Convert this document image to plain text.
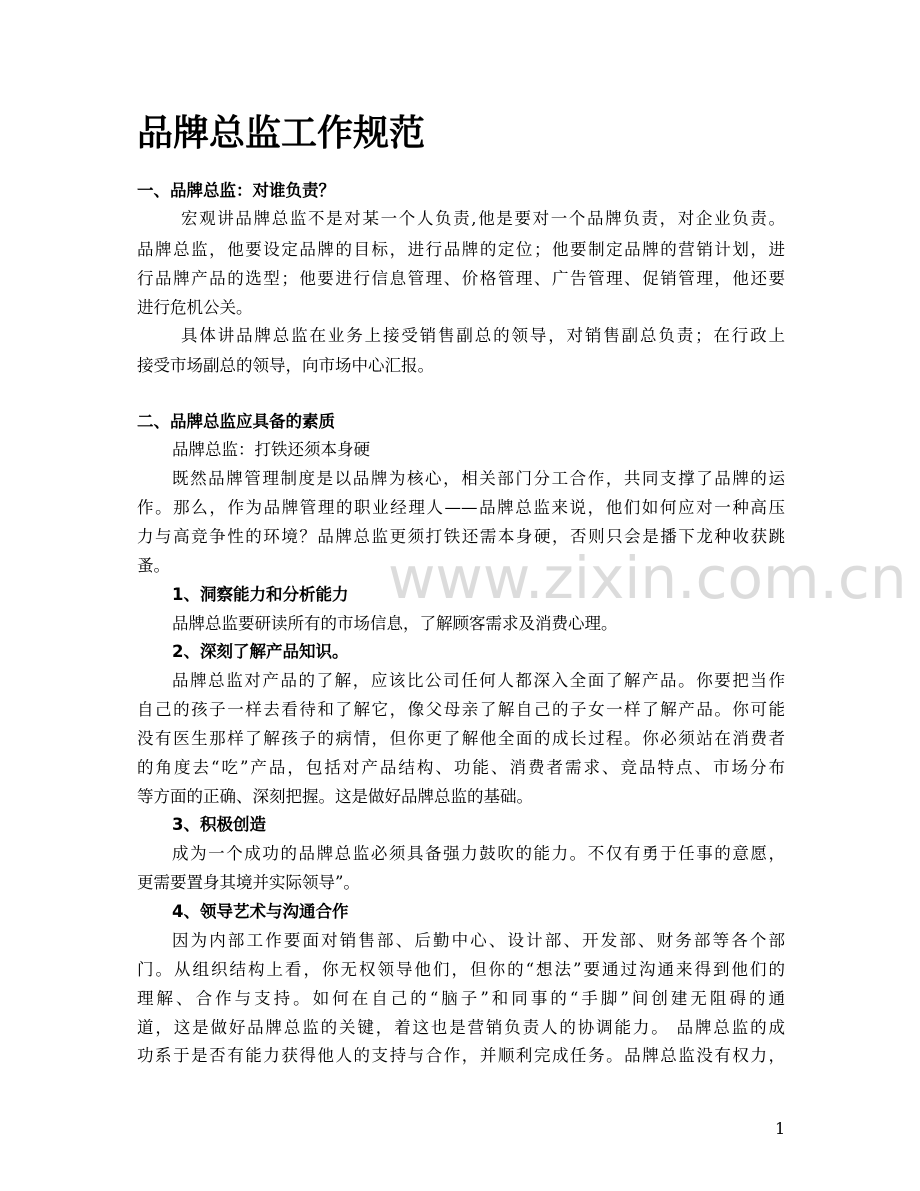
www.zixin.com.cn
品牌总监工作规范

一、品牌总监：对谁负责？

宏观讲品牌总监不是对某一个人负责,他是要对一个品牌负责，对企业负责。

品牌总监，他要设定品牌的目标，进行品牌的定位；他要制定品牌的营销计划，进

行品牌产品的选型；他要进行信息管理、价格管理、广告管理、促销管理，他还要

进行危机公关。

具体讲品牌总监在业务上接受销售副总的领导，对销售副总负责；在行政上

接受市场副总的领导，向市场中心汇报。

二、品牌总监应具备的素质

品牌总监：打铁还须本身硬

既然品牌管理制度是以品牌为核心，相关部门分工合作，共同支撑了品牌的运

作。那么，作为品牌管理的职业经理人——品牌总监来说，他们如何应对一种高压

力与高竞争性的环境？品牌总监更须打铁还需本身硬，否则只会是播下龙种收获跳

蚤。

1、洞察能力和分析能力

品牌总监要研读所有的市场信息，了解顾客需求及消费心理。

2、深刻了解产品知识。

品牌总监对产品的了解，应该比公司任何人都深入全面了解产品。你要把当作

自己的孩子一样去看待和了解它，像父母亲了解自己的子女一样了解产品。你可能

没有医生那样了解孩子的病情，但你更了解他全面的成长过程。你必须站在消费者

的角度去“吃”产品，包括对产品结构、功能、消费者需求、竞品特点、市场分布

等方面的正确、深刻把握。这是做好品牌总监的基础。

3、积极创造

成为一个成功的品牌总监必须具备强力鼓吹的能力。不仅有勇于任事的意愿，

更需要置身其境并实际领导”。

4、领导艺术与沟通合作

因为内部工作要面对销售部、后勤中心、设计部、开发部、财务部等各个部

门。从组织结构上看，你无权领导他们，但你的“想法”要通过沟通来得到他们的

理解、合作与支持。如何在自己的“脑子”和同事的“手脚”间创建无阻碍的通

道，这是做好品牌总监的关键，着这也是营销负责人的协调能力。 品牌总监的成

功系于是否有能力获得他人的支持与合作，并顺利完成任务。品牌总监没有权力，

1
